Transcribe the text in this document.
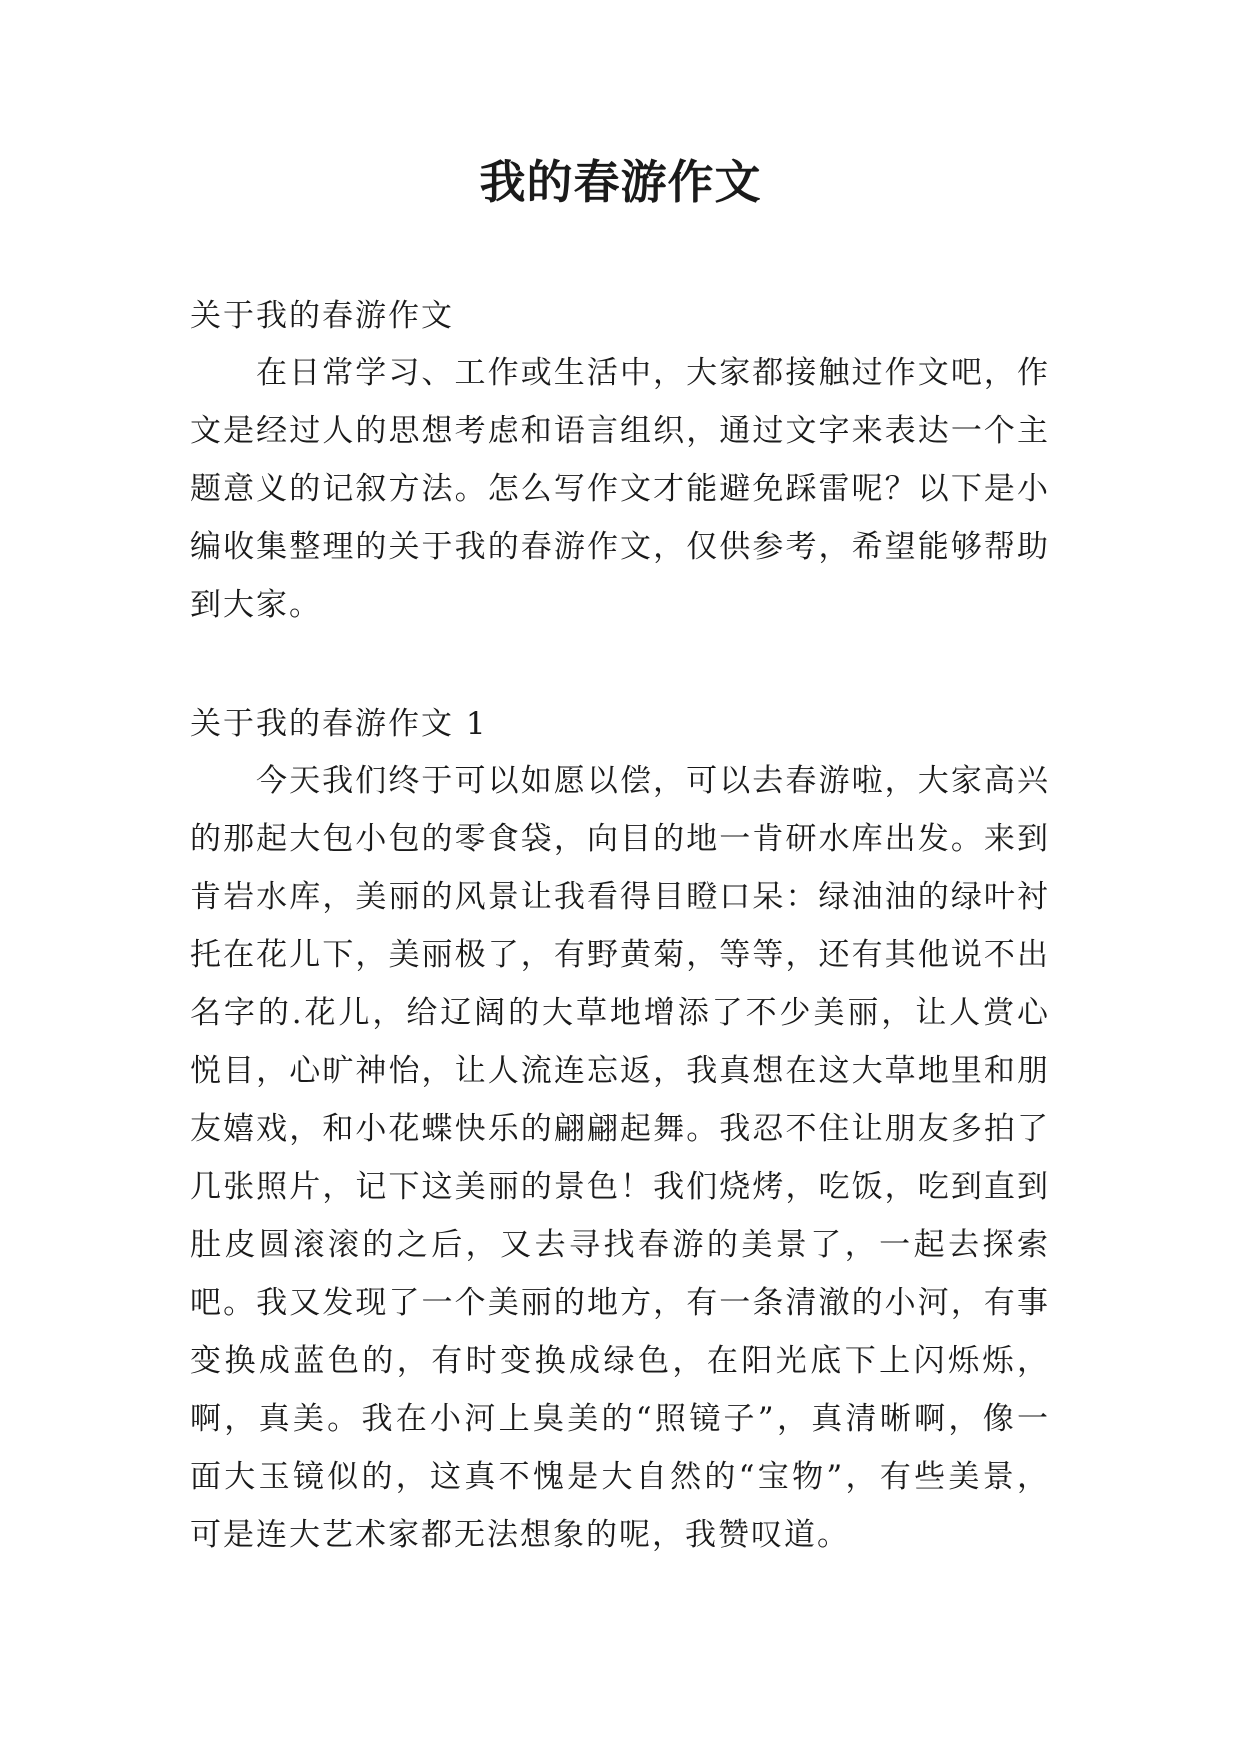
我的春游作文

关于我的春游作文

在日常学习、工作或生活中，大家都接触过作文吧，作文是经过人的思想考虑和语言组织，通过文字来表达一个主题意义的记叙方法。怎么写作文才能避免踩雷呢？以下是小编收集整理的关于我的春游作文，仅供参考，希望能够帮助到大家。

关于我的春游作文 1

今天我们终于可以如愿以偿，可以去春游啦，大家高兴的那起大包小包的零食袋，向目的地一肯研水库出发。来到肯岩水库，美丽的风景让我看得目瞪口呆：绿油油的绿叶衬托在花儿下，美丽极了，有野黄菊，等等，还有其他说不出名字的.花儿，给辽阔的大草地增添了不少美丽，让人赏心悦目，心旷神怡，让人流连忘返，我真想在这大草地里和朋友嬉戏，和小花蝶快乐的翩翩起舞。我忍不住让朋友多拍了几张照片，记下这美丽的景色！我们烧烤，吃饭，吃到直到肚皮圆滚滚的之后，又去寻找春游的美景了，一起去探索吧。我又发现了一个美丽的地方，有一条清澈的小河，有事变换成蓝色的，有时变换成绿色，在阳光底下上闪烁烁，啊，真美。我在小河上臭美的“照镜子”，真清晰啊，像一面大玉镜似的，这真不愧是大自然的“宝物”，有些美景，可是连大艺术家都无法想象的呢，我赞叹道。
